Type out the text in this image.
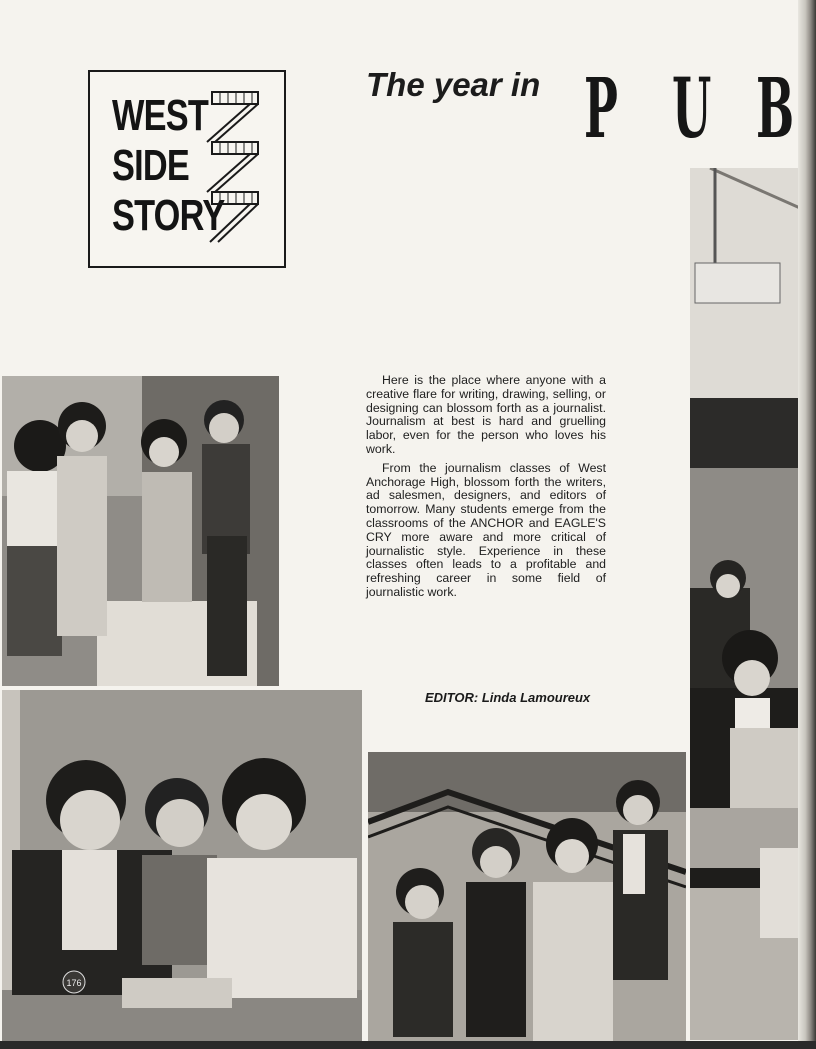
WEST
SIDE
STORY
The year in P U B

Here is the place where anyone with a creative flare for writing, drawing, selling, or designing can blossom forth as a journalist. Journalism at best is hard and gruelling labor, even for the person who loves his work.

From the journalism classes of West Anchorage High, blossom forth the writers, ad salesmen, designers, and editors of tomorrow. Many students emerge from the classrooms of the ANCHOR and EAGLE'S CRY more aware and more critical of journalistic style. Experience in these classes often leads to a profitable and refreshing career in some field of journalistic work.

EDITOR: Linda Lamoureux
176
